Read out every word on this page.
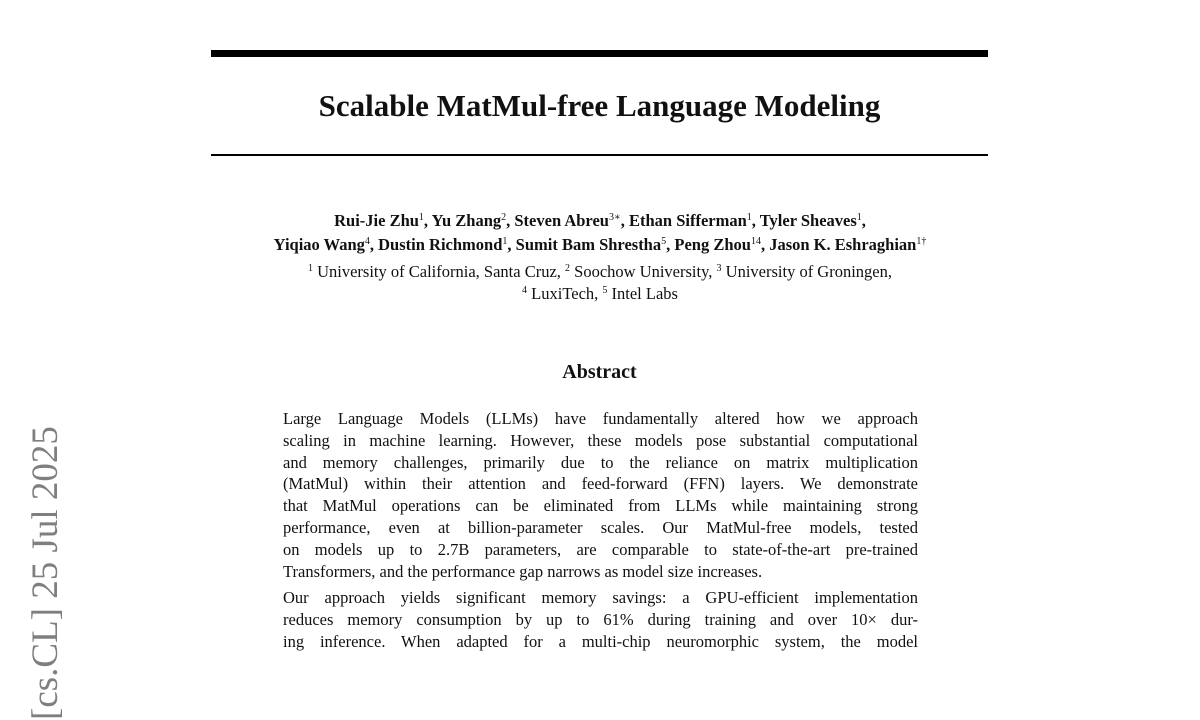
Scalable MatMul-free Language Modeling
Rui-Jie Zhu$^1$, Yu Zhang$^2$, Steven Abreu$^{3∗}$, Ethan Sifferman$^1$, Tyler Sheaves$^1$,
Yiqiao Wang$^4$, Dustin Richmond$^1$, Sumit Bam Shrestha$^5$, Peng Zhou$^{14}$, Jason K. Eshraghian$^{1\dagger}$
$^1$ University of California, Santa Cruz, $^2$ Soochow University, $^3$ University of Groningen,
$^4$ LuxiTech, $^5$ Intel Labs
Abstract
Large Language Models (LLMs) have fundamentally altered how we approach
scaling in machine learning. However, these models pose substantial computational
and memory challenges, primarily due to the reliance on matrix multiplication
(MatMul) within their attention and feed-forward (FFN) layers. We demonstrate
that MatMul operations can be eliminated from LLMs while maintaining strong
performance, even at billion-parameter scales. Our MatMul-free models, tested
on models up to 2.7B parameters, are comparable to state-of-the-art pre-trained
Transformers, and the performance gap narrows as model size increases.
Our approach yields significant memory savings: a GPU-efficient implementation
reduces memory consumption by up to 61% during training and over 10× dur-
ing inference. When adapted for a multi-chip neuromorphic system, the model
[cs.CL] 25 Jul 2025
